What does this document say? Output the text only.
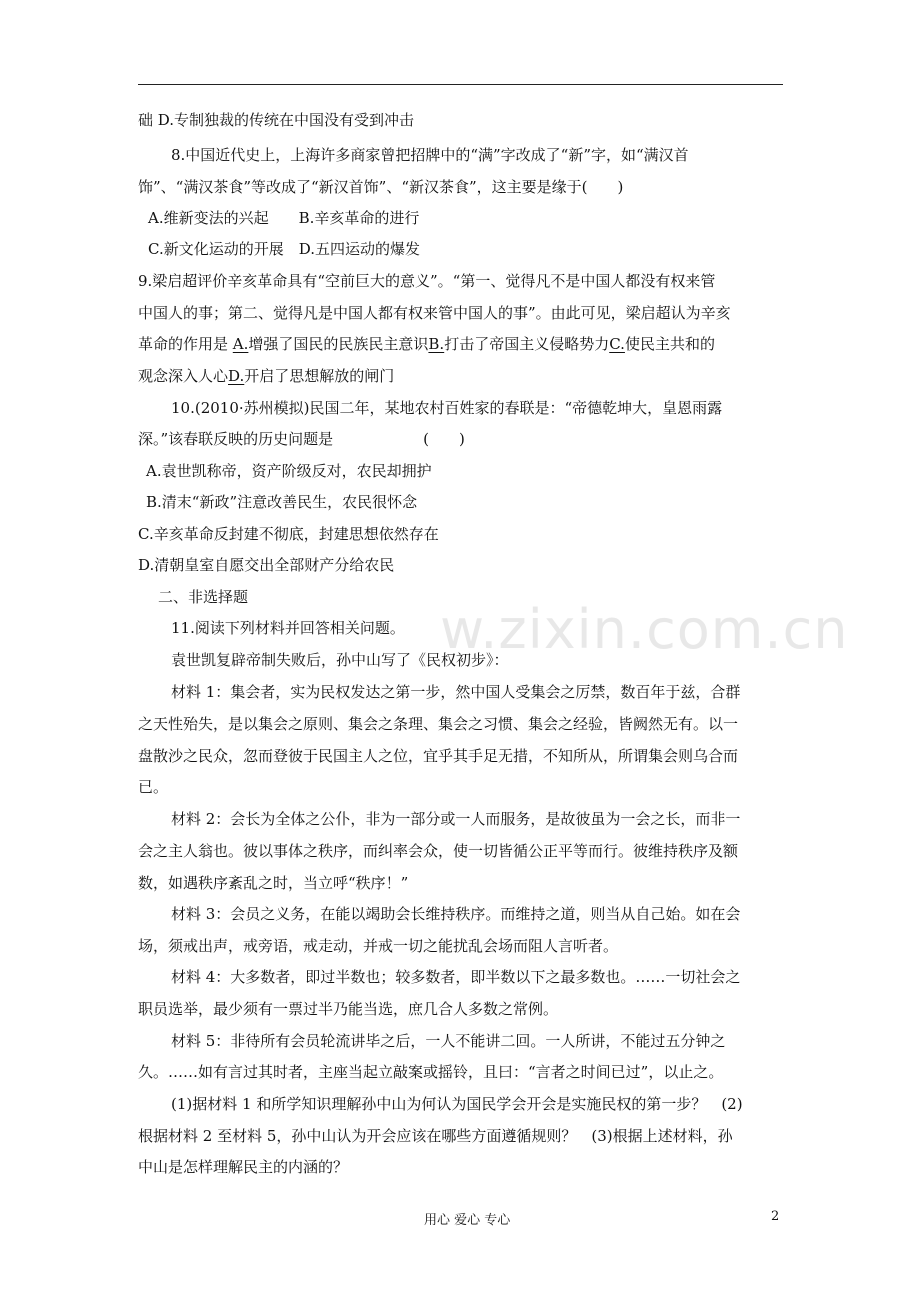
础 D.专制独裁的传统在中国没有受到冲击
8.中国近代史上，上海许多商家曾把招牌中的“满”字改成了“新”字，如“满汉首
饰”、“满汉茶食”等改成了“新汉首饰”、“新汉茶食”，这主要是缘于(　　)
A.维新变法的兴起　　B.辛亥革命的进行
C.新文化运动的开展　D.五四运动的爆发
9.梁启超评价辛亥革命具有“空前巨大的意义”。“第一、觉得凡不是中国人都没有权来管
中国人的事；第二、觉得凡是中国人都有权来管中国人的事”。由此可见，梁启超认为辛亥
革命的作用是 A.增强了国民的民族民主意识B.打击了帝国主义侵略势力C.使民主共和的
观念深入人心D.开启了思想解放的闸门
10.(2010·苏州模拟)民国二年，某地农村百姓家的春联是：“帝德乾坤大，皇恩雨露
深。”该春联反映的历史问题是　　　　　　(　　)
A.袁世凯称帝，资产阶级反对，农民却拥护
B.清末“新政”注意改善民生，农民很怀念
C.辛亥革命反封建不彻底，封建思想依然存在
D.清朝皇室自愿交出全部财产分给农民
二、非选择题
11.阅读下列材料并回答相关问题。
袁世凯复辟帝制失败后，孙中山写了《民权初步》：
材料 1：集会者，实为民权发达之第一步，然中国人受集会之厉禁，数百年于兹，合群
之天性殆失，是以集会之原则、集会之条理、集会之习惯、集会之经验，皆阙然无有。以一
盘散沙之民众，忽而登彼于民国主人之位，宜乎其手足无措，不知所从，所谓集会则乌合而
已。
材料 2：会长为全体之公仆，非为一部分或一人而服务，是故彼虽为一会之长，而非一
会之主人翁也。彼以事体之秩序，而纠率会众，使一切皆循公正平等而行。彼维持秩序及额
数，如遇秩序紊乱之时，当立呼“秩序！”
材料 3：会员之义务，在能以竭助会长维持秩序。而维持之道，则当从自己始。如在会
场，须戒出声，戒旁语，戒走动，并戒一切之能扰乱会场而阻人言听者。
材料 4：大多数者，即过半数也；较多数者，即半数以下之最多数也。……一切社会之
职员选举，最少须有一票过半乃能当选，庶几合人多数之常例。
材料 5：非待所有会员轮流讲毕之后，一人不能讲二回。一人所讲，不能过五分钟之
久。……如有言过其时者，主座当起立敲案或摇铃，且曰：“言者之时间已过”，以止之。
(1)据材料 1 和所学知识理解孙中山为何认为国民学会开会是实施民权的第一步？　(2)
根据材料 2 至材料 5，孙中山认为开会应该在哪些方面遵循规则？　(3)根据上述材料，孙
中山是怎样理解民主的内涵的？
w.zixin.com.cn
用心 爱心 专心	2
